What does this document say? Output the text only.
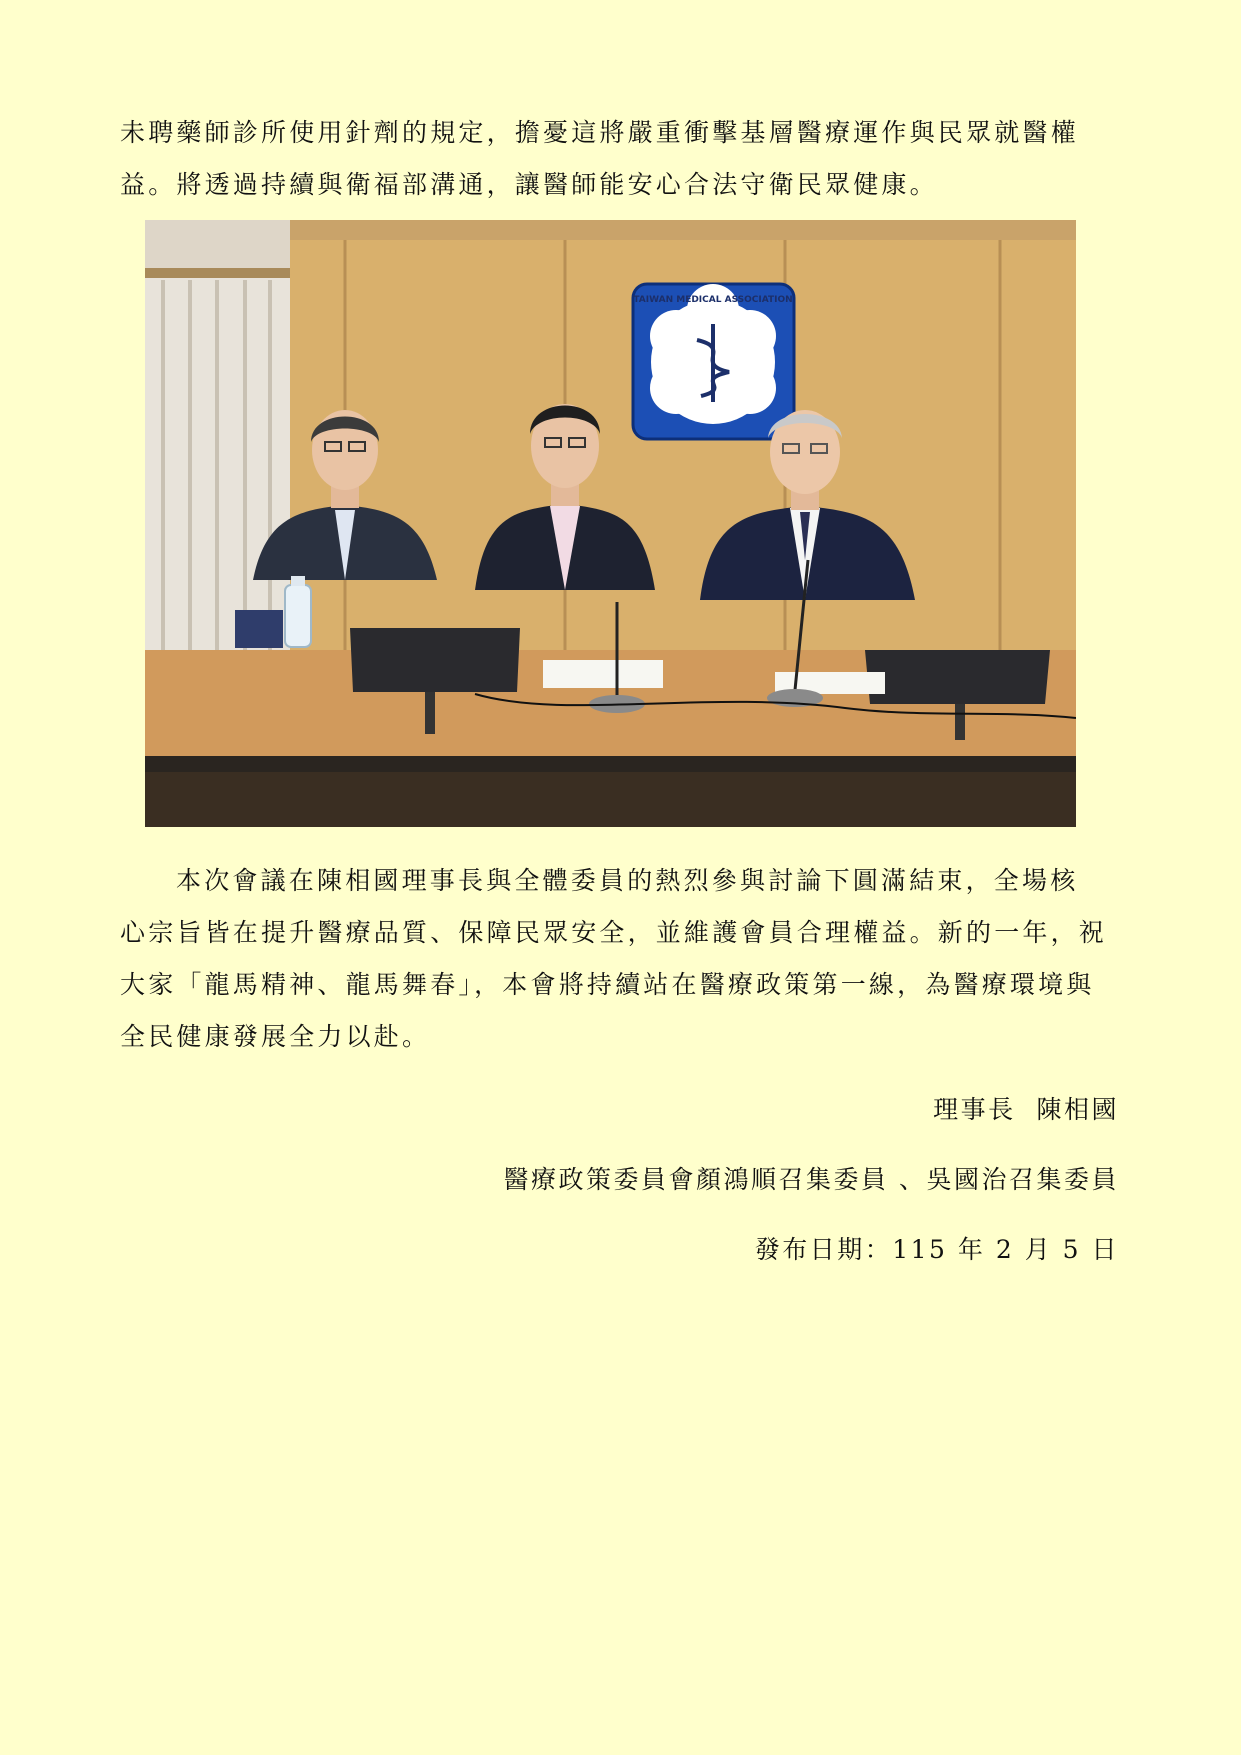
未聘藥師診所使用針劑的規定，擔憂這將嚴重衝擊基層醫療運作與民眾就醫權
益。將透過持續與衛福部溝通，讓醫師能安心合法守衛民眾健康。
TAIWAN MEDICAL ASSOCIATION
本次會議在陳相國理事長與全體委員的熱烈參與討論下圓滿結束，全場核
心宗旨皆在提升醫療品質、保障民眾安全，並維護會員合理權益。新的一年，祝
大家「龍馬精神、龍馬舞春」，本會將持續站在醫療政策第一線，為醫療環境與
全民健康發展全力以赴。
理事長  陳相國
醫療政策委員會顏鴻順召集委員 、吳國治召集委員
發布日期：115 年 2 月 5 日
